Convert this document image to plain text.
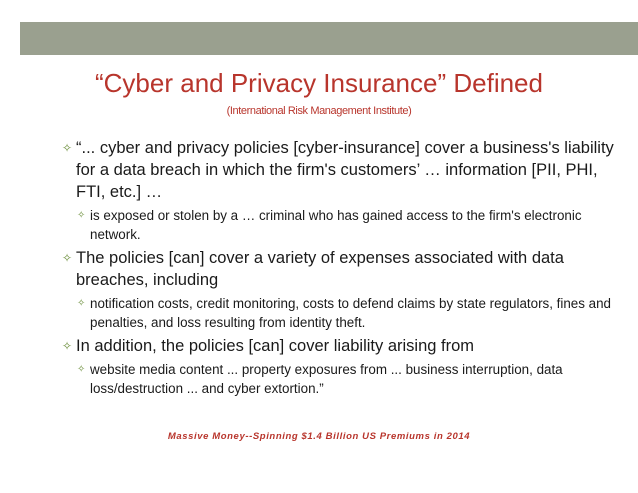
“Cyber and Privacy Insurance” Defined
(International Risk Management Institute)
✧ “... cyber and privacy policies [cyber-insurance] cover a business's liability for a data breach in which the firm's customers’ … information [PII, PHI, FTI, etc.] …
✧ is exposed or stolen by a … criminal who has gained access to the firm's electronic network.
✧ The policies [can] cover a variety of expenses associated with data breaches, including
✧ notification costs, credit monitoring, costs to defend claims by state regulators, fines and penalties, and loss resulting from identity theft.
✧ In addition, the policies [can] cover liability arising from
✧ website media content ... property exposures from ... business interruption, data loss/destruction ... and cyber extortion.”
Massive Money--Spinning $1.4 Billion US Premiums in 2014
